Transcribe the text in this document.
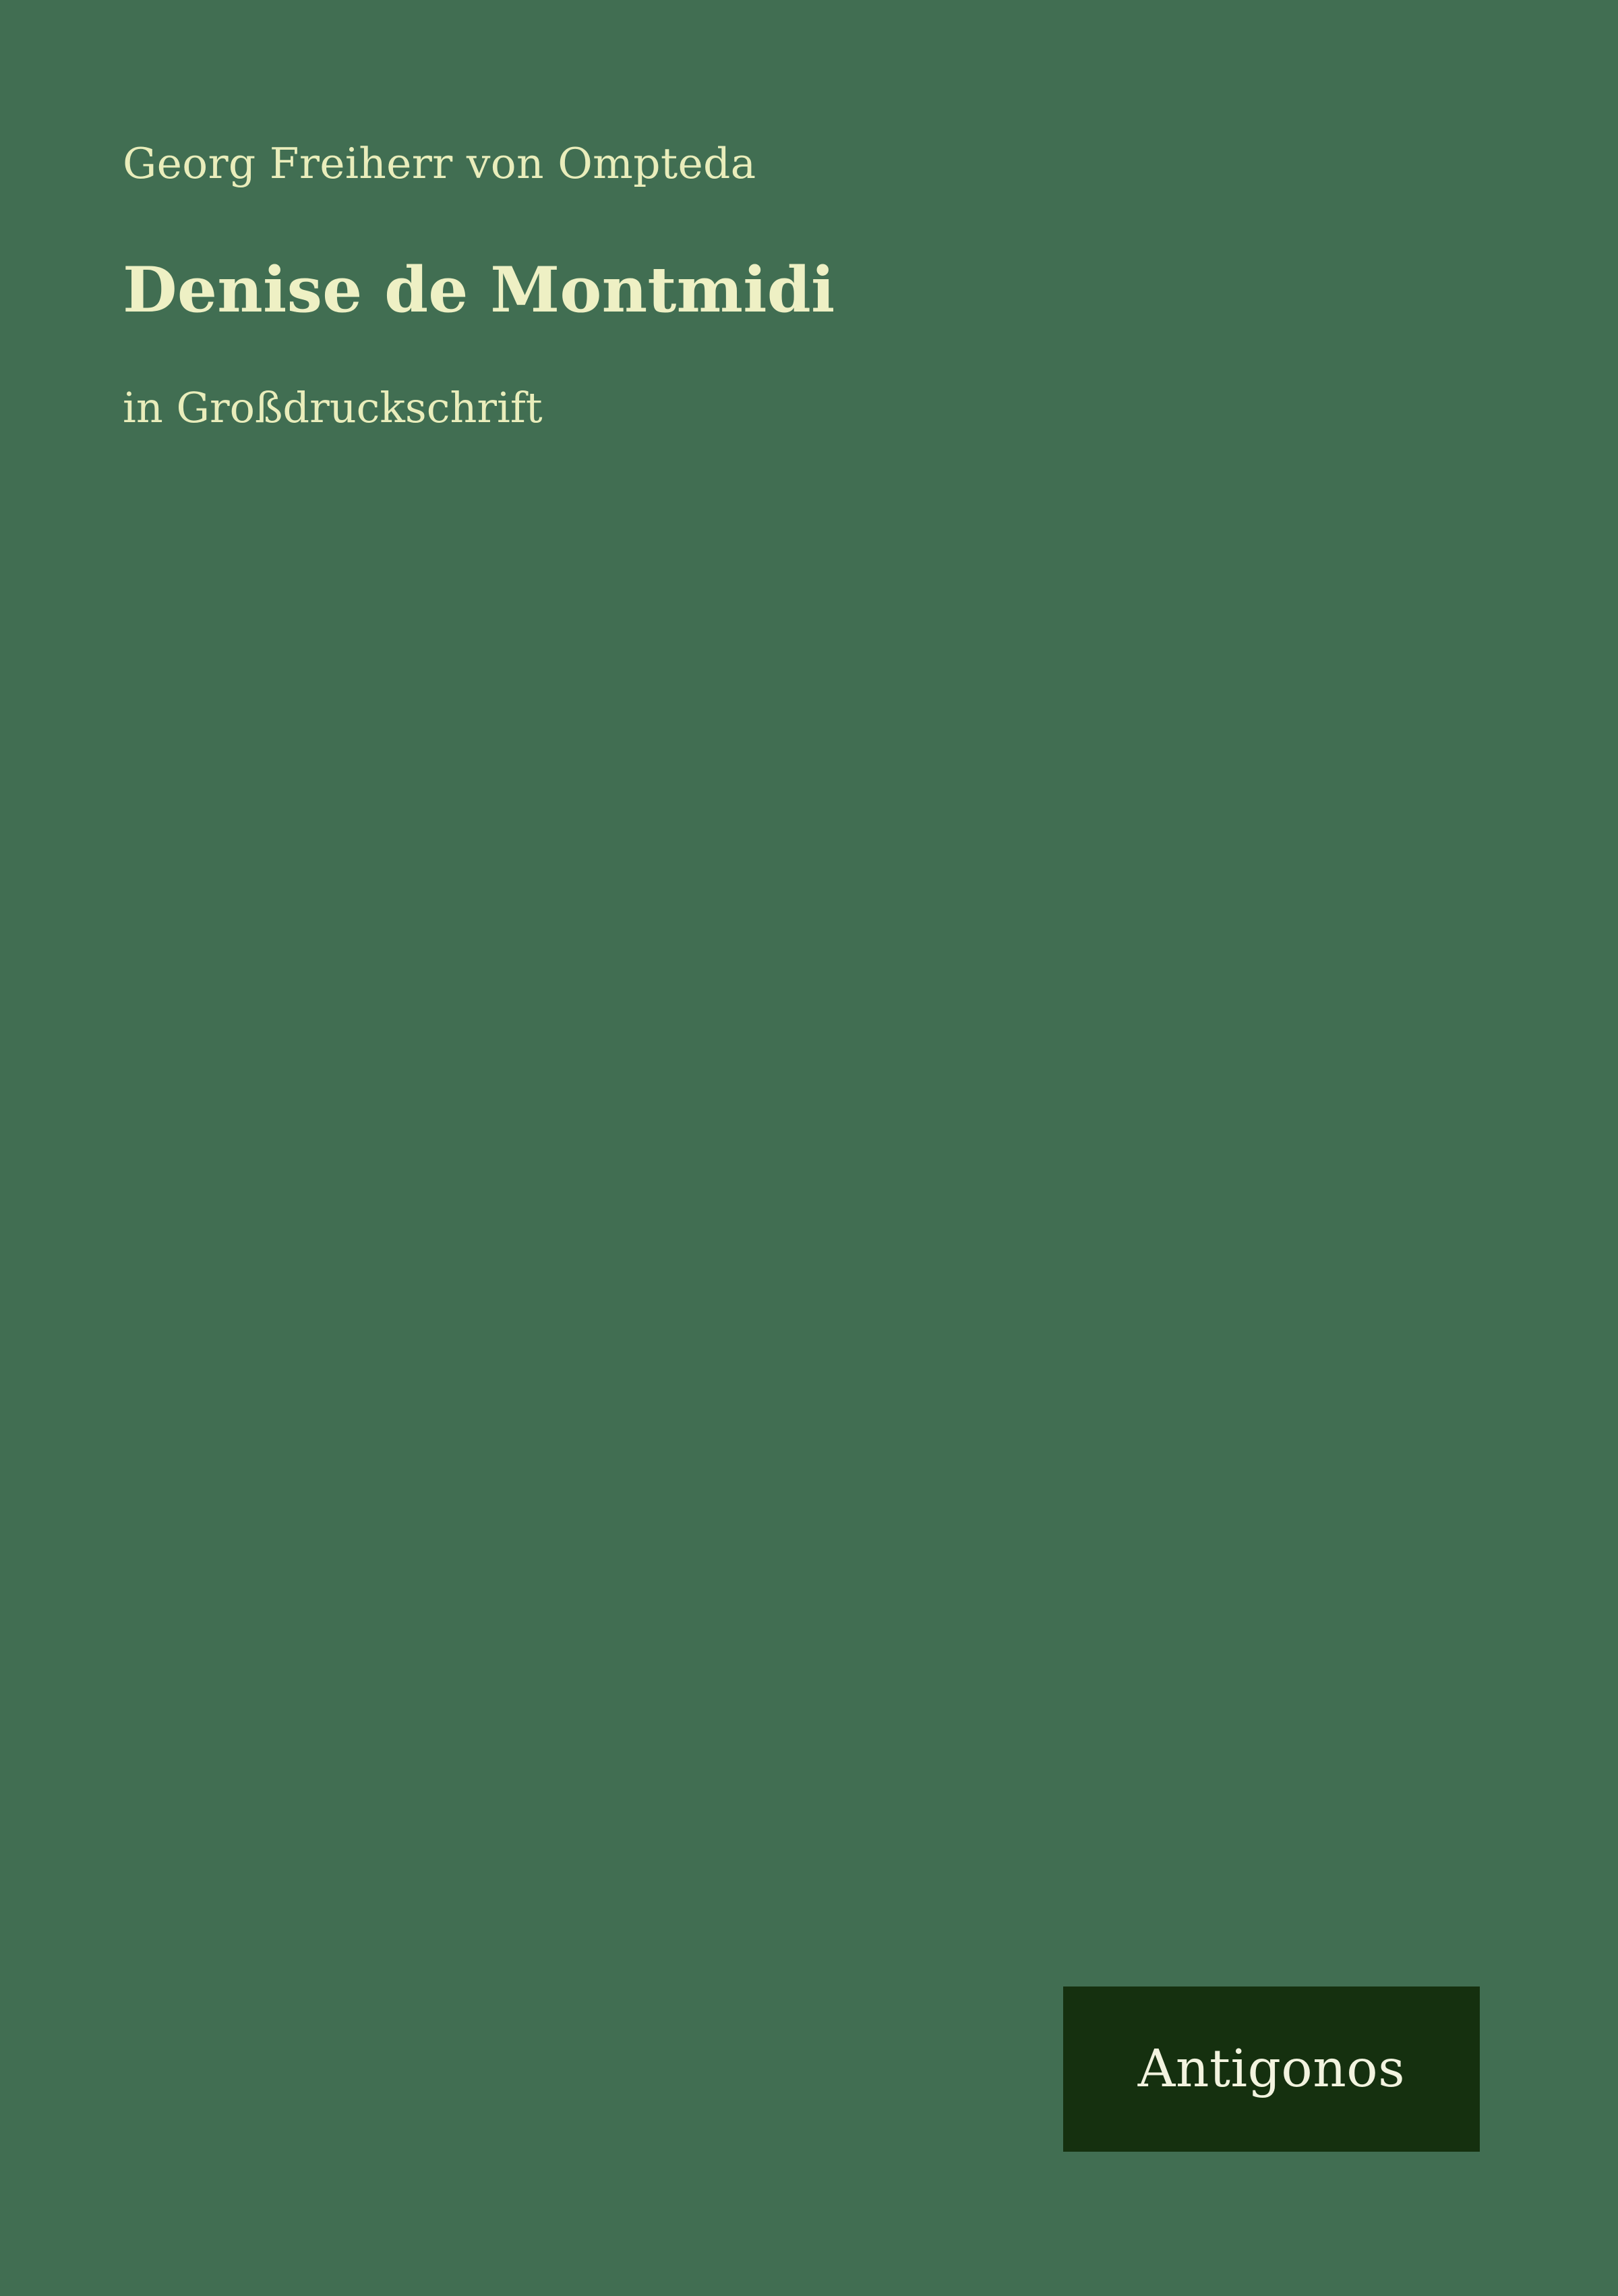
Georg Freiherr von Ompteda

Denise de Montmidi

in Großdruckschrift

Antigonos
